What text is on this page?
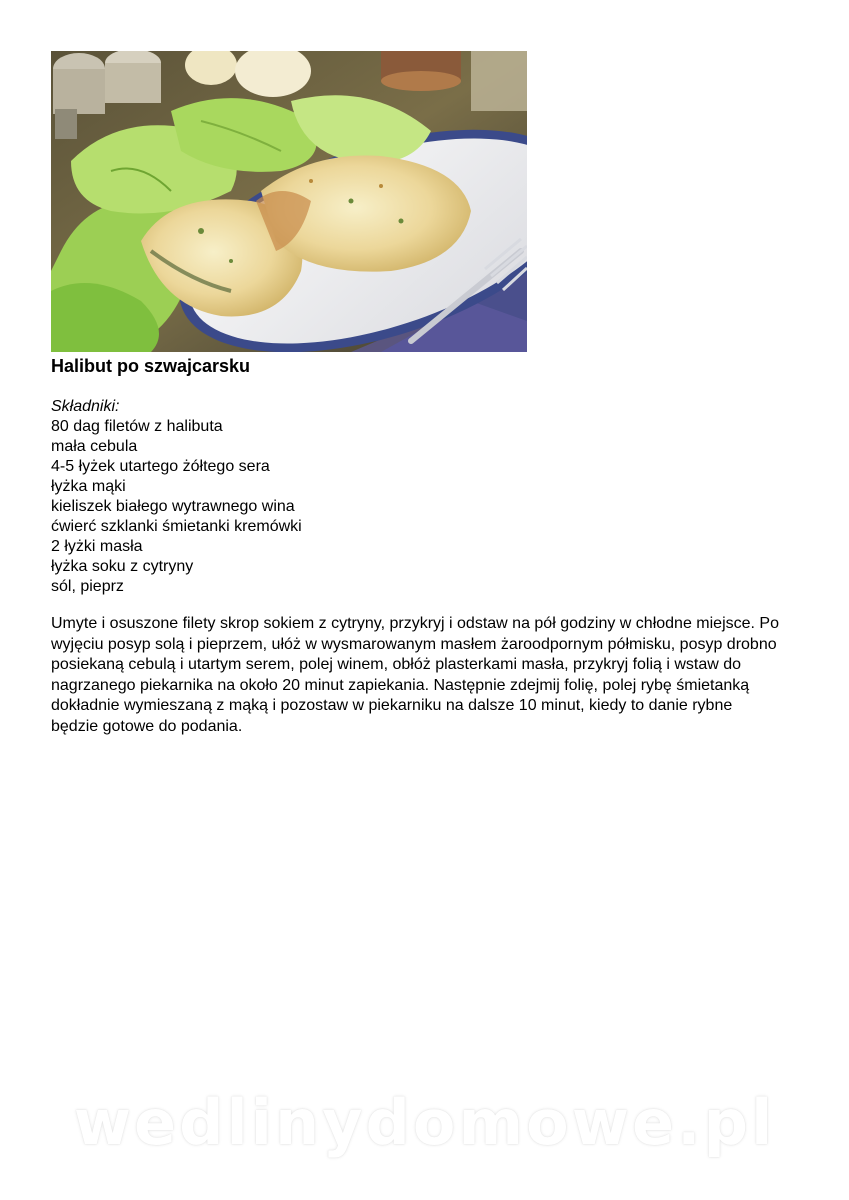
Halibut po szwajcarsku
Składniki:
80 dag filetów z halibuta
mała cebula
4-5 łyżek utartego żółtego sera
łyżka mąki
kieliszek białego wytrawnego wina
ćwierć szklanki śmietanki kremówki
2 łyżki masła
łyżka soku z cytryny
sól, pieprz

Umyte i osuszone filety skrop sokiem z cytryny, przykryj i odstaw na pół godziny w chłodne miejsce. Po wyjęciu posyp solą i pieprzem, ułóż w wysmarowanym masłem żaroodpornym półmisku, posyp drobno posiekaną cebulą i utartym serem, polej winem, obłóż plasterkami masła, przykryj folią i wstaw do nagrzanego piekarnika na około 20 minut zapiekania. Następnie zdejmij folię, polej rybę śmietanką dokładnie wymieszaną z mąką i pozostaw w piekarniku na dalsze 10 minut, kiedy to danie rybne będzie gotowe do podania.

wedlinydomowe.pl
